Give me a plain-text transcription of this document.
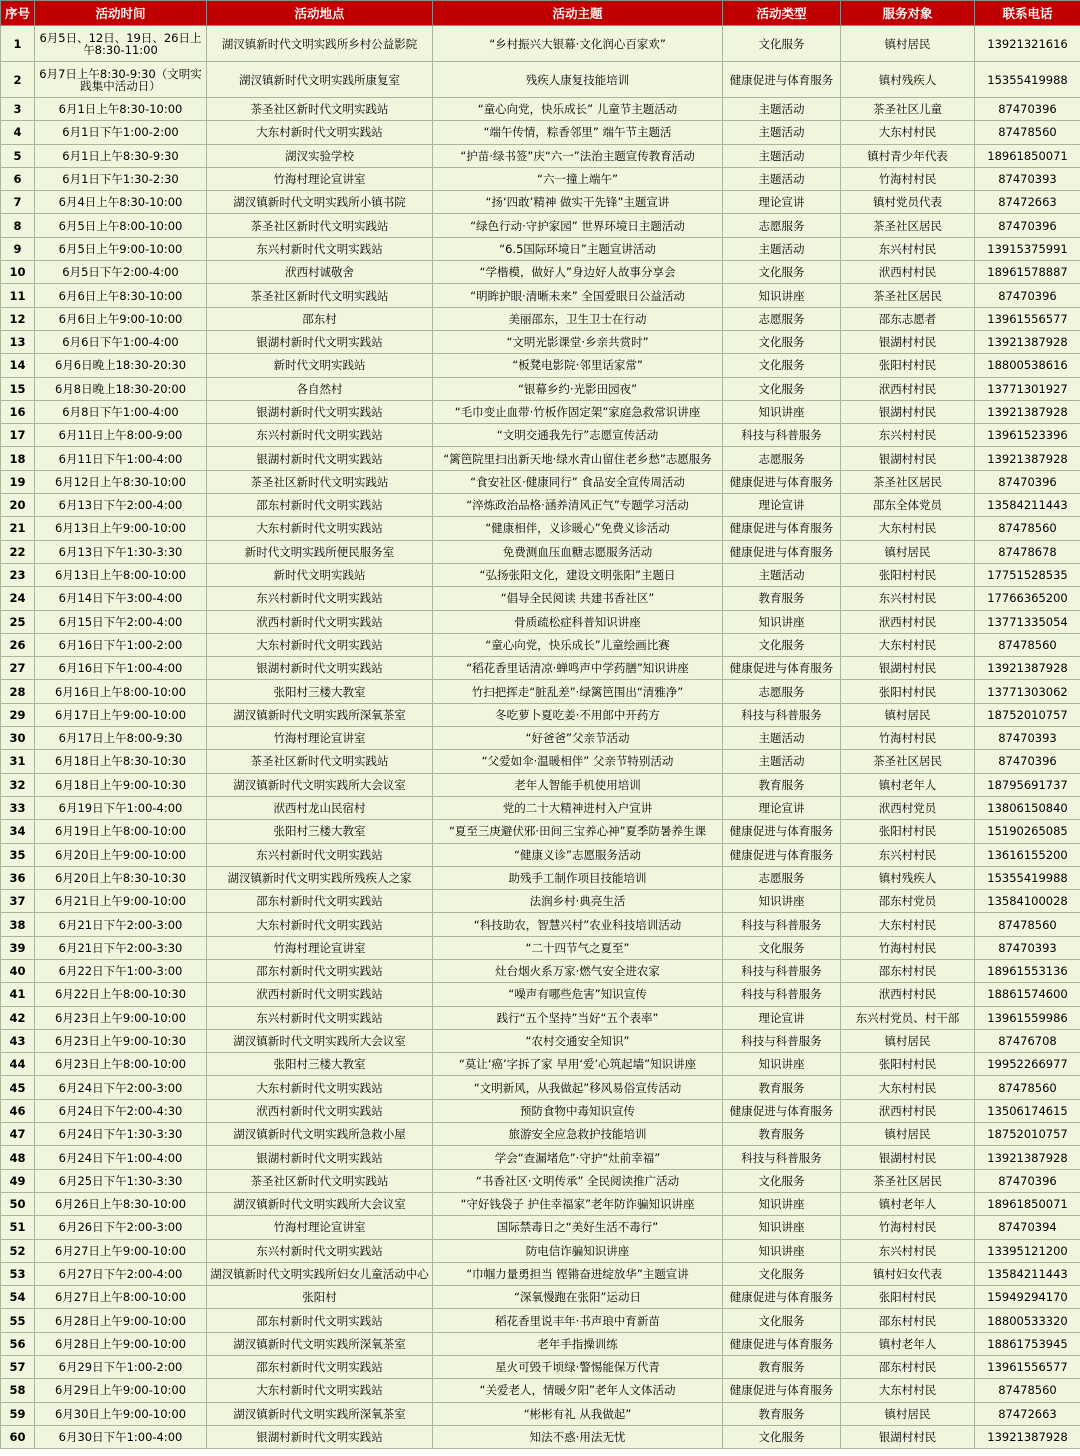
序号	活动时间	活动地点	活动主题	活动类型	服务对象	联系电话
1	6月5日、12日、19日、26日上午8:30-11:00	湖汊镇新时代文明实践所乡村公益影院	“乡村振兴大银幕·文化润心百家欢”	文化服务	镇村居民	13921321616
2	6月7日上午8:30-9:30（文明实践集中活动日）	湖汊镇新时代文明实践所康复室	残疾人康复技能培训	健康促进与体育服务	镇村残疾人	15355419988
3	6月1日上午8:30-10:00	茶圣社区新时代文明实践站	“童心向党，快乐成长” 儿童节主题活动	主题活动	茶圣社区儿童	87470396
4	6月1日下午1:00-2:00	大东村新时代文明实践站	“端午传情，粽香邻里” 端午节主题活	主题活动	大东村村民	87478560
5	6月1日上午8:30-9:30	湖汊实验学校	“护苗·绿书签”庆“六一”法治主题宣传教育活动	主题活动	镇村青少年代表	18961850071
6	6月1日下午1:30-2:30	竹海村理论宣讲室	“六一撞上端午”	主题活动	竹海村村民	87470393
7	6月4日上午8:30-10:00	湖汊镇新时代文明实践所小镇书院	“扬‘四敢’精神 做实干先锋”主题宣讲	理论宣讲	镇村党员代表	87472663
8	6月5日上午8:00-10:00	茶圣社区新时代文明实践站	“绿色行动·守护家园” 世界环境日主题活动	志愿服务	茶圣社区居民	87470396
9	6月5日上午9:00-10:00	东兴村新时代文明实践站	“6.5国际环境日”主题宣讲活动	主题活动	东兴村村民	13915375991
10	6月5日下午2:00-4:00	洑西村诚敬舍	“学楷模，做好人”身边好人故事分享会	文化服务	洑西村村民	18961578887
11	6月6日上午8:30-10:00	茶圣社区新时代文明实践站	“明眸护眼·清晰未来” 全国爱眼日公益活动	知识讲座	茶圣社区居民	87470396
12	6月6日上午9:00-10:00	邵东村	美丽邵东，卫生卫士在行动	志愿服务	邵东志愿者	13961556577
13	6月6日下午1:00-4:00	银湖村新时代文明实践站	“文明光影课堂·乡亲共赏时”	文化服务	银湖村村民	13921387928
14	6月6日晚上18:30-20:30	新时代文明实践站	“板凳电影院·邻里话家常”	文化服务	张阳村村民	18800538616
15	6月8日晚上18:30-20:00	各自然村	“银幕乡约·光影田园夜”	文化服务	洑西村村民	13771301927
16	6月8日下午1:00-4:00	银湖村新时代文明实践站	“毛巾变止血带·竹板作固定架”家庭急救常识讲座	知识讲座	银湖村村民	13921387928
17	6月11日上午8:00-9:00	东兴村新时代文明实践站	“文明交通我先行”志愿宣传活动	科技与科普服务	东兴村村民	13961523396
18	6月11日下午1:00-4:00	银湖村新时代文明实践站	“篱笆院里扫出新天地·绿水青山留住老乡愁”志愿服务	志愿服务	银湖村村民	13921387928
19	6月12日上午8:30-10:00	茶圣社区新时代文明实践站	“食安社区·健康同行” 食品安全宣传周活动	健康促进与体育服务	茶圣社区居民	87470396
20	6月13日下午2:00-4:00	邵东村新时代文明实践站	“淬炼政治品格·涵养清风正气”专题学习活动	理论宣讲	邵东全体党员	13584211443
21	6月13日上午9:00-10:00	大东村新时代文明实践站	“健康相伴，义诊暖心”免费义诊活动	健康促进与体育服务	大东村村民	87478560
22	6月13日下午1:30-3:30	新时代文明实践所便民服务室	免费测血压血糖志愿服务活动	健康促进与体育服务	镇村居民	87478678
23	6月13日上午8:00-10:00	新时代文明实践站	“弘扬张阳文化，建设文明张阳”主题日	主题活动	张阳村村民	17751528535
24	6月14日下午3:00-4:00	东兴村新时代文明实践站	“倡导全民阅读 共建书香社区”	教育服务	东兴村村民	17766365200
25	6月15日下午2:00-4:00	洑西村新时代文明实践站	骨质疏松症科普知识讲座	知识讲座	洑西村村民	13771335054
26	6月16日下午1:00-2:00	大东村新时代文明实践站	“童心向党，快乐成长”儿童绘画比赛	文化服务	大东村村民	87478560
27	6月16日下午1:00-4:00	银湖村新时代文明实践站	“稻花香里话清凉·蝉鸣声中学药膳”知识讲座	健康促进与体育服务	银湖村村民	13921387928
28	6月16日上午8:00-10:00	张阳村三楼大教室	竹扫把挥走“脏乱差”·绿篱笆围出“清雅净”	志愿服务	张阳村村民	13771303062
29	6月17日上午9:00-10:00	湖汊镇新时代文明实践所深氧茶室	冬吃萝卜夏吃姜·不用郎中开药方	科技与科普服务	镇村居民	18752010757
30	6月17日上午8:00-9:30	竹海村理论宣讲室	“好爸爸”父亲节活动	主题活动	竹海村村民	87470393
31	6月18日上午8:30-10:30	茶圣社区新时代文明实践站	“父爱如伞·温暖相伴” 父亲节特别活动	主题活动	茶圣社区居民	87470396
32	6月18日上午9:00-10:30	湖汊镇新时代文明实践所大会议室	老年人智能手机使用培训	教育服务	镇村老年人	18795691737
33	6月19日下午1:00-4:00	洑西村龙山民宿村	党的二十大精神进村入户宣讲	理论宣讲	洑西村党员	13806150840
34	6月19日上午8:00-10:00	张阳村三楼大教室	“夏至三庚避伏邪·田间三宝养心神”夏季防暑养生课	健康促进与体育服务	张阳村村民	15190265085
35	6月20日上午9:00-10:00	东兴村新时代文明实践站	“健康义诊”志愿服务活动	健康促进与体育服务	东兴村村民	13616155200
36	6月20日上午8:30-10:30	湖汊镇新时代文明实践所残疾人之家	助残手工制作项目技能培训	志愿服务	镇村残疾人	15355419988
37	6月21日上午9:00-10:00	邵东村新时代文明实践站	法润乡村·典亮生活	知识讲座	邵东村党员	13584100028
38	6月21日下午2:00-3:00	大东村新时代文明实践站	“科技助农，智慧兴村”农业科技培训活动	科技与科普服务	大东村村民	87478560
39	6月21日下午2:00-3:30	竹海村理论宣讲室	“二十四节气之夏至”	文化服务	竹海村村民	87470393
40	6月22日下午1:00-3:00	邵东村新时代文明实践站	灶台烟火系万家·燃气安全进农家	科技与科普服务	邵东村村民	18961553136
41	6月22日上午8:00-10:30	洑西村新时代文明实践站	“噪声有哪些危害”知识宣传	科技与科普服务	洑西村村民	18861574600
42	6月23日上午9:00-10:00	东兴村新时代文明实践站	践行“五个坚持”当好“五个表率”	理论宣讲	东兴村党员、村干部	13961559986
43	6月23日上午9:00-10:30	湖汊镇新时代文明实践所大会议室	“农村交通安全知识”	科技与科普服务	镇村居民	87476708
44	6月23日上午8:00-10:00	张阳村三楼大教室	“莫让‘癌’字拆了家 早用‘爱’心筑起墙”知识讲座	知识讲座	张阳村村民	19952266977
45	6月24日下午2:00-3:00	大东村新时代文明实践站	“文明新风，从我做起”移风易俗宣传活动	教育服务	大东村村民	87478560
46	6月24日下午2:00-4:30	洑西村新时代文明实践站	预防食物中毒知识宣传	健康促进与体育服务	洑西村村民	13506174615
47	6月24日下午1:30-3:30	湖汊镇新时代文明实践所急救小屋	旅游安全应急救护技能培训	教育服务	镇村居民	18752010757
48	6月24日下午1:00-4:00	银湖村新时代文明实践站	学会“查漏堵危”·守护“灶前幸福”	科技与科普服务	银湖村村民	13921387928
49	6月25日下午1:30-3:30	茶圣社区新时代文明实践站	“书香社区·文明传承” 全民阅读推广活动	文化服务	茶圣社区居民	87470396
50	6月26日上午8:30-10:00	湖汊镇新时代文明实践所大会议室	“守好钱袋子 护住幸福家”老年防诈骗知识讲座	知识讲座	镇村老年人	18961850071
51	6月26日下午2:00-3:00	竹海村理论宣讲室	国际禁毒日之“美好生活不毒行”	知识讲座	竹海村村民	87470394
52	6月27日上午9:00-10:00	东兴村新时代文明实践站	防电信诈骗知识讲座	知识讲座	东兴村村民	13395121200
53	6月27日下午2:00-4:00	湖汊镇新时代文明实践所妇女儿童活动中心	“巾帼力量勇担当 铿锵奋进绽放华”主题宣讲	文化服务	镇村妇女代表	13584211443
54	6月27日上午8:00-10:00	张阳村	“深氧慢跑在张阳”运动日	健康促进与体育服务	张阳村村民	15949294170
55	6月28日上午9:00-10:00	邵东村新时代文明实践站	稻花香里说丰年·书声琅中育新苗	文化服务	邵东村村民	18800533320
56	6月28日上午9:00-10:00	湖汊镇新时代文明实践所深氧茶室	老年手指操训练	健康促进与体育服务	镇村老年人	18861753945
57	6月29日下午1:00-2:00	邵东村新时代文明实践站	星火可毁千顷绿·警惕能保万代青	教育服务	邵东村村民	13961556577
58	6月29日上午9:00-10:00	大东村新时代文明实践站	“关爱老人，情暖夕阳”老年人文体活动	健康促进与体育服务	大东村村民	87478560
59	6月30日上午9:00-10:00	湖汊镇新时代文明实践所深氧茶室	“彬彬有礼 从我做起”	教育服务	镇村居民	87472663
60	6月30日下午1:00-4:00	银湖村新时代文明实践站	知法不惑·用法无忧	文化服务	银湖村村民	13921387928
